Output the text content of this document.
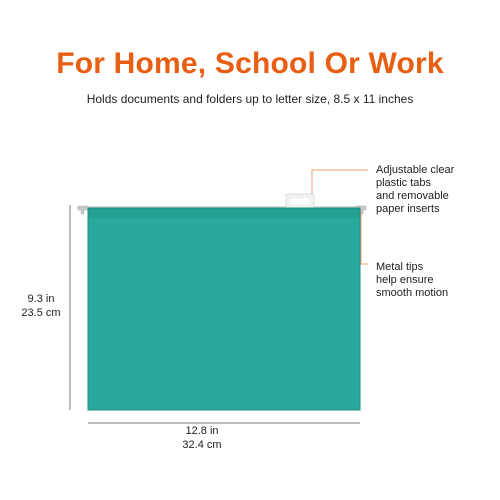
For Home, School Or Work
Holds documents and folders up to letter size, 8.5 x 11 inches
9.3 in
23.5 cm
12.8 in
32.4 cm
Adjustable clear
plastic tabs
and removable
paper inserts
Metal tips
help ensure
smooth motion
